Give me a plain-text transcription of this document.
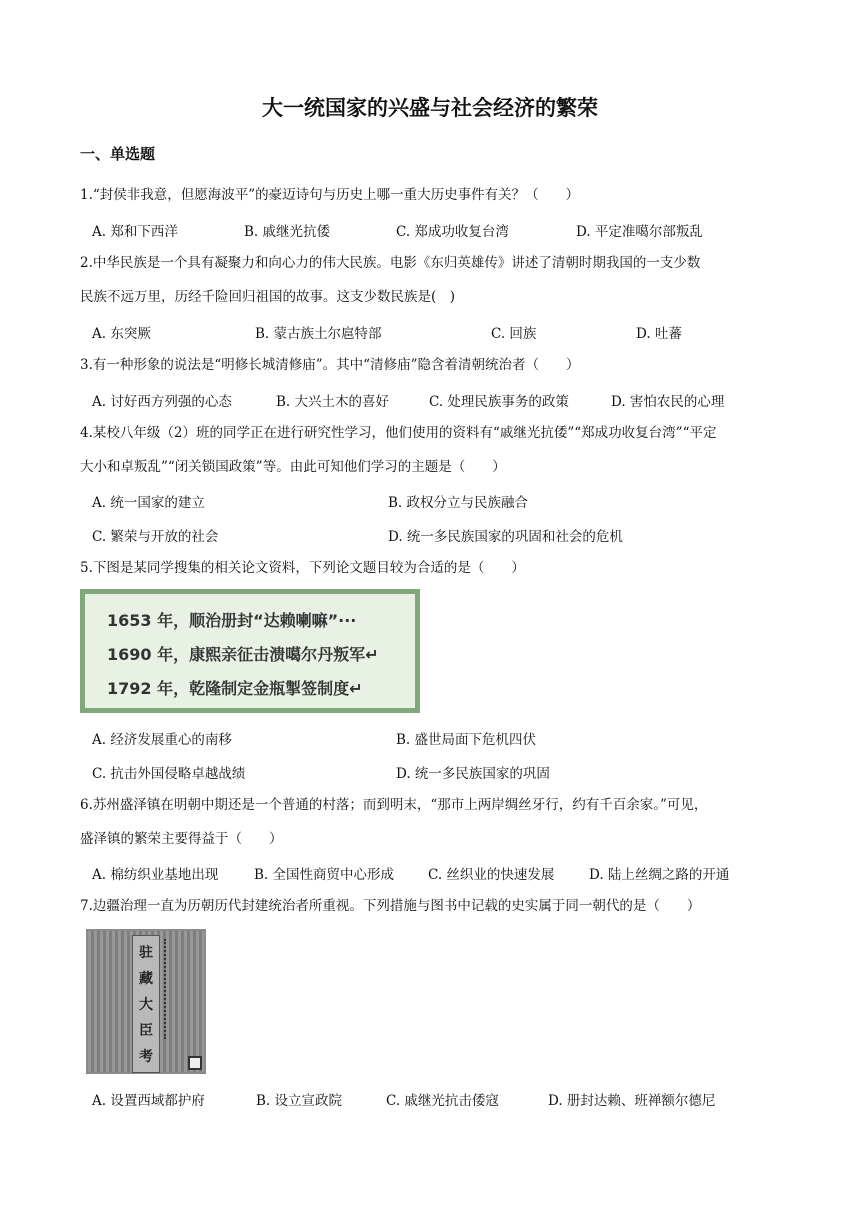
大一统国家的兴盛与社会经济的繁荣
一、单选题
1.“封侯非我意，但愿海波平”的豪迈诗句与历史上哪一重大历史事件有关？（　　）
A. 郑和下西洋	B. 戚继光抗倭	C. 郑成功收复台湾	D. 平定准噶尔部叛乱
2.中华民族是一个具有凝聚力和向心力的伟大民族。电影《东归英雄传》讲述了清朝时期我国的一支少数
民族不远万里，历经千险回归祖国的故事。这支少数民族是(　)
A. 东突厥	B. 蒙古族土尔扈特部	C. 回族	D. 吐蕃
3.有一种形象的说法是“明修长城清修庙”。其中“清修庙”隐含着清朝统治者（　　）
A. 讨好西方列强的心态	B. 大兴土木的喜好	C. 处理民族事务的政策	D. 害怕农民的心理
4.某校八年级（2）班的同学正在进行研究性学习，他们使用的资料有“戚继光抗倭”“郑成功收复台湾”“平定
大小和卓叛乱”“闭关锁国政策”等。由此可知他们学习的主题是（　　）
A. 统一国家的建立	B. 政权分立与民族融合
C. 繁荣与开放的社会	D. 统一多民族国家的巩固和社会的危机
5.下图是某同学搜集的相关论文资料，下列论文题目较为合适的是（　　）
1653 年，顺治册封“达赖喇嘛”···
1690 年，康熙亲征击溃噶尔丹叛军↵
1792 年，乾隆制定金瓶掣签制度↵
A. 经济发展重心的南移	B. 盛世局面下危机四伏
C. 抗击外国侵略卓越战绩	D. 统一多民族国家的巩固
6.苏州盛泽镇在明朝中期还是一个普通的村落；而到明末，“那市上两岸绸丝牙行，约有千百余家。”可见，
盛泽镇的繁荣主要得益于（　　）
A. 棉纺织业基地出现	B. 全国性商贸中心形成	C. 丝织业的快速发展	D. 陆上丝绸之路的开通
7.边疆治理一直为历朝历代封建统治者所重视。下列措施与图书中记载的史实属于同一朝代的是（　　）
驻
藏
大
臣
考
A. 设置西域都护府	B. 设立宣政院	C. 戚继光抗击倭寇	D. 册封达赖、班禅额尔德尼
